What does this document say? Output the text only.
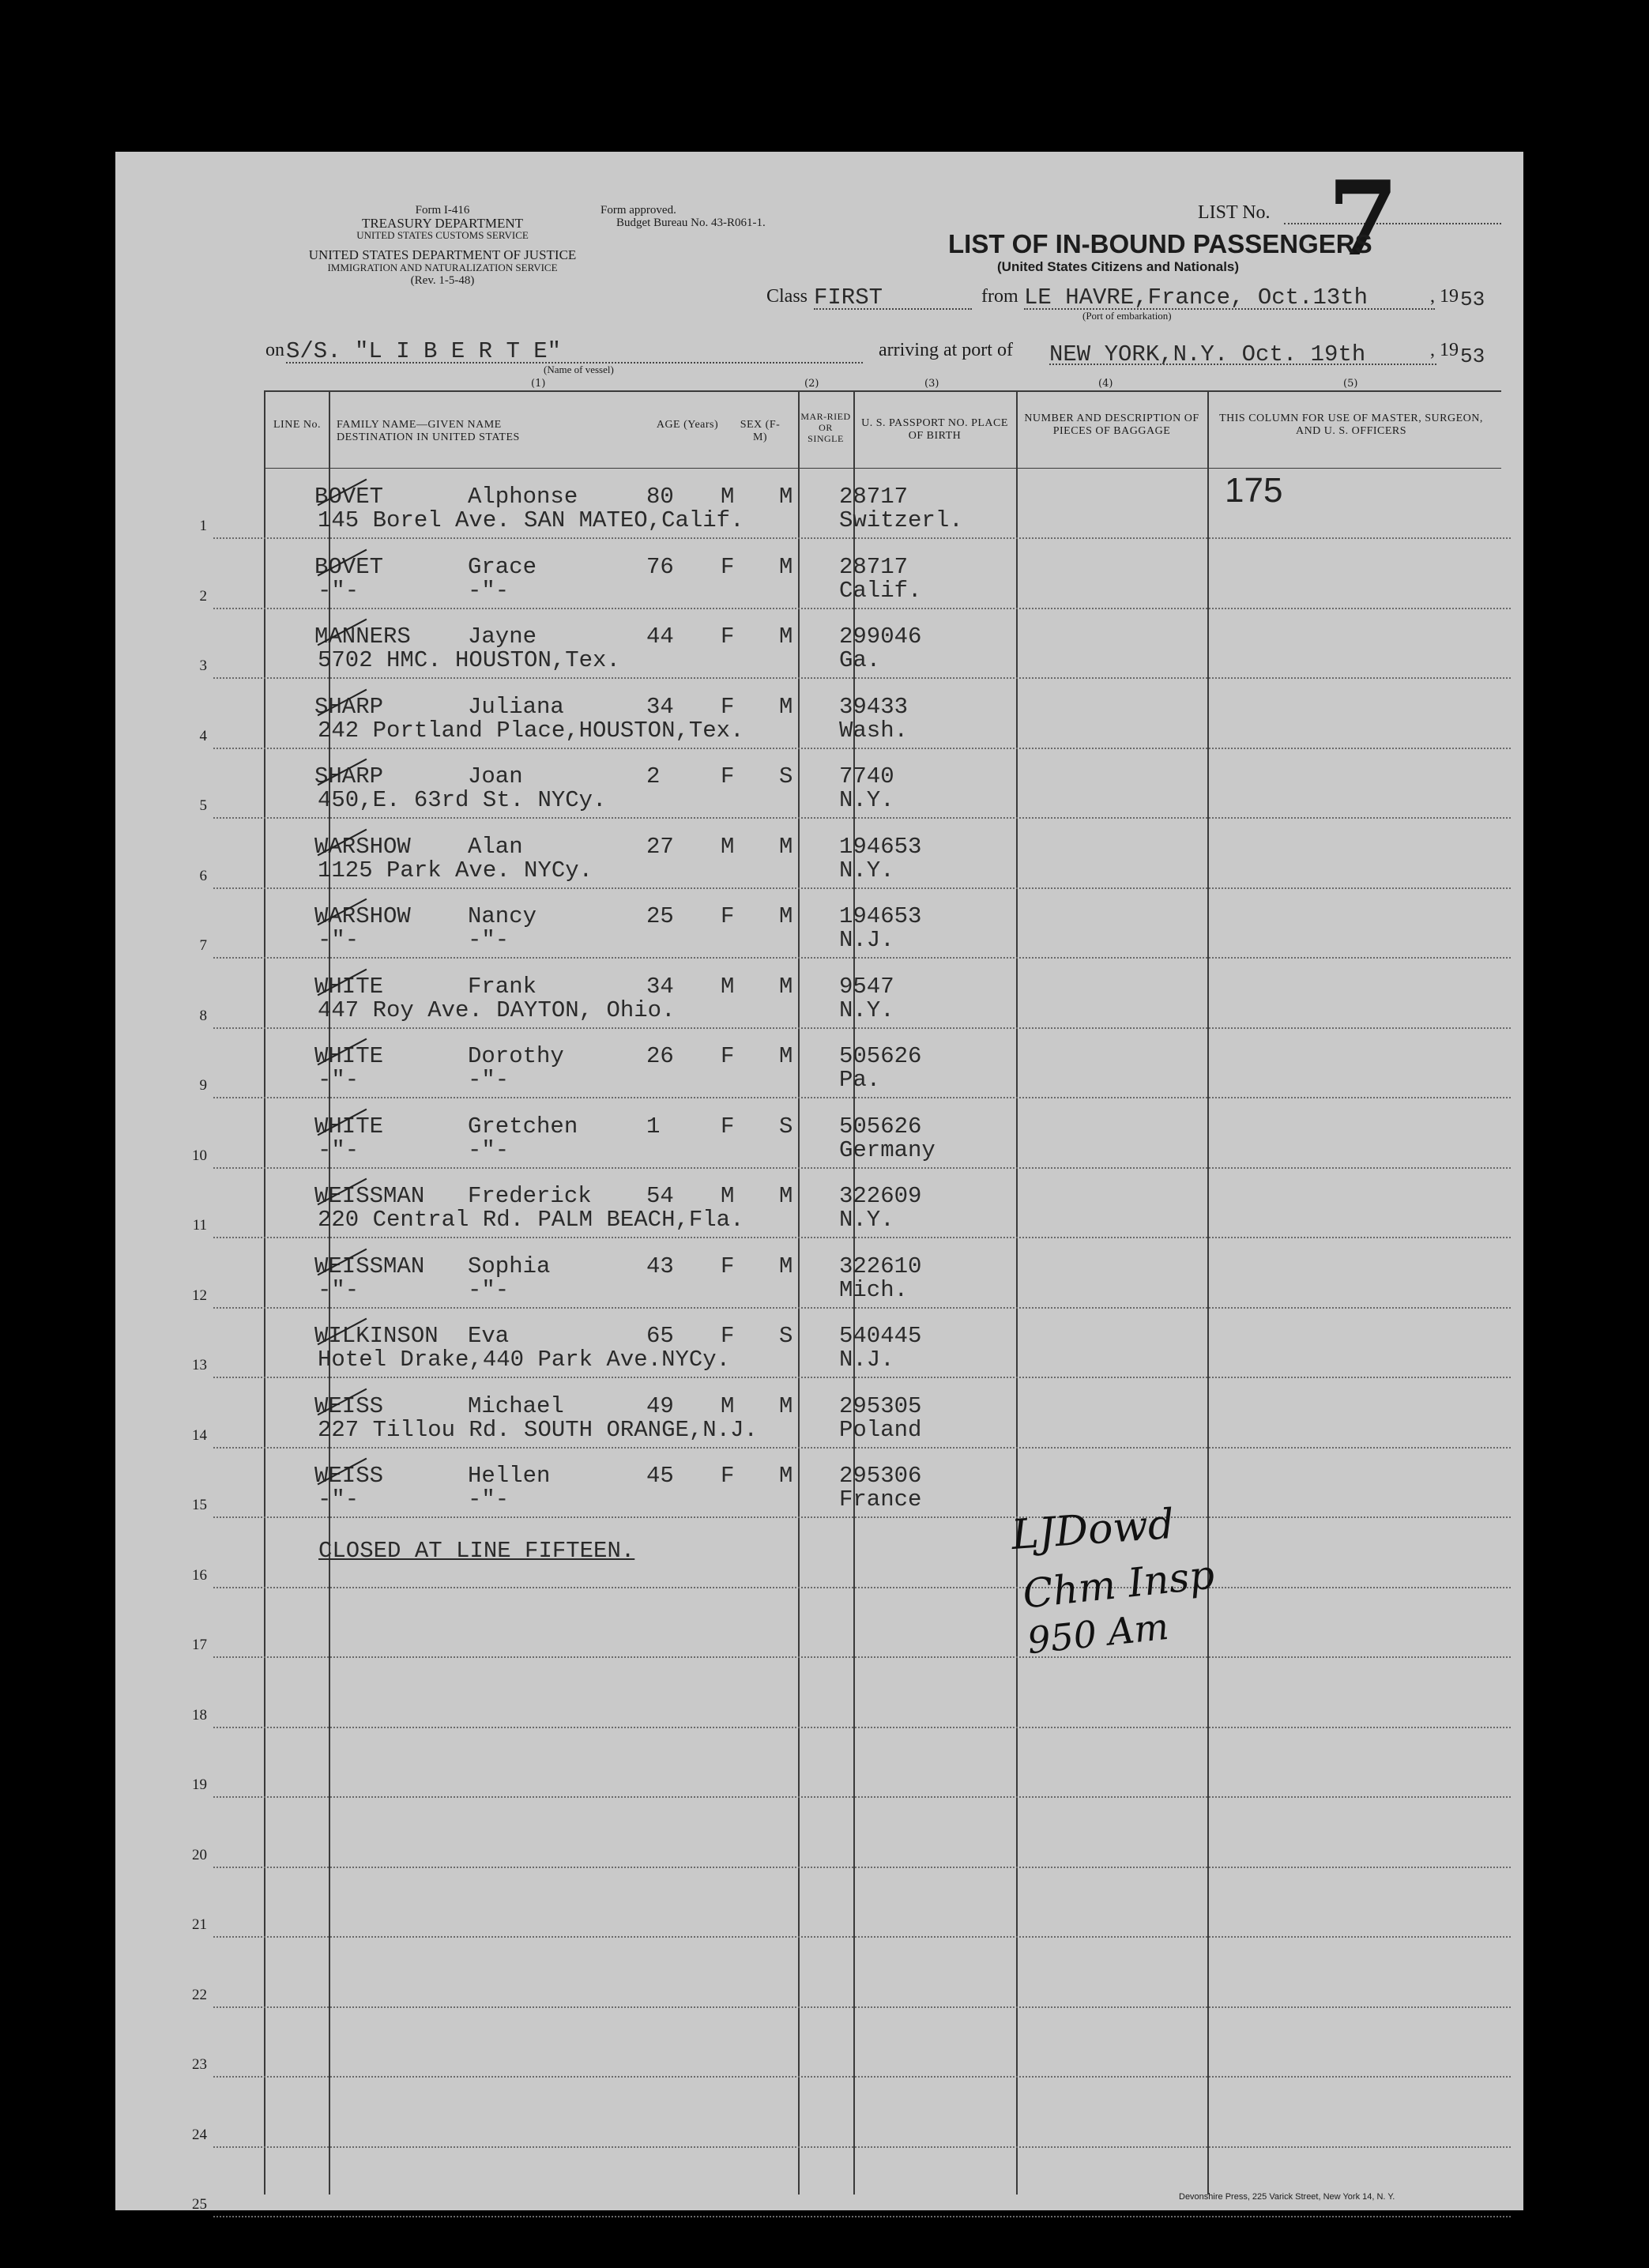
Form I-416
TREASURY DEPARTMENT
UNITED STATES CUSTOMS SERVICE
UNITED STATES DEPARTMENT OF JUSTICE
IMMIGRATION AND NATURALIZATION SERVICE
(Rev. 1-5-48)
Form approved.
Budget Bureau No. 43-R061-1.	LIST No. 7
LIST OF IN-BOUND PASSENGERS
(United States Citizens and Nationals)
Class FIRST	from LE HAVRE,France, Oct.13th
(Port of embarkation)
, 19 53
on S/S. "L I B E R T E"
(Name of vessel)
arriving at port of NEW YORK,N.Y. Oct. 19th	, 19 53
(1)	(2)	(3)	(4)	(5)
LINE No.	FAMILY NAME—GIVEN NAME
DESTINATION IN UNITED STATES
AGE (Years)	SEX (F-M)
MAR-RIED OR SINGLE
U. S. PASSPORT NO. PLACE OF BIRTH
NUMBER AND DESCRIPTION OF PIECES OF BAGGAGE
THIS COLUMN FOR USE OF MASTER, SURGEON, AND U. S. OFFICERS
BOVET	Alphonse	80 M M 28717
145 Borel Ave. SAN MATEO,Calif.	Switzerl.
1
BOVET	Grace	76 F M 28717
-"-	-"-	Calif.
2
MANNERS Jayne	44 F M 299046
5702 HMC. HOUSTON,Tex.	Ga.
3
SHARP	Juliana	34 F M 39433
242 Portland Place,HOUSTON,Tex.	Wash.
4
SHARP	Joan	2	F S 7740
450,E. 63rd St. NYCy.	N.Y.
5
WARSHOW Alan	27 M M 194653
1125 Park Ave. NYCy.	N.Y.
6
WARSHOW Nancy	25 F M 194653
-"-	-"-	N.J.
7
WHITE	Frank	34 M M 9547
447 Roy Ave. DAYTON, Ohio.	N.Y.
8
WHITE	Dorothy	26 F M 505626
-"-	-"-	Pa.
9
WHITE	Gretchen	1	F S 505626
-"-	-"-	Germany
10
WEISSMAN Frederick 54 M M 322609
220 Central Rd. PALM BEACH,Fla.	N.Y.
11
WEISSMAN Sophia	43 F M 322610
-"-	-"-	Mich.
12
WILKINSON Eva	65 F S 540445
Hotel Drake,440 Park Ave.NYCy.	N.J.
13
WEISS	Michael	49 M M 295305
227 Tillou Rd. SOUTH ORANGE,N.J.	Poland
14
WEISS	Hellen	45 F M 295306
-"-	-"-	France
15
16
17
18
19
20
21
22
23
24
25
CLOSED AT LINE FIFTEEN.
175
LJDowd
Chm Insp
950 Am
Devonshire Press, 225 Varick Street, New York 14, N. Y.
